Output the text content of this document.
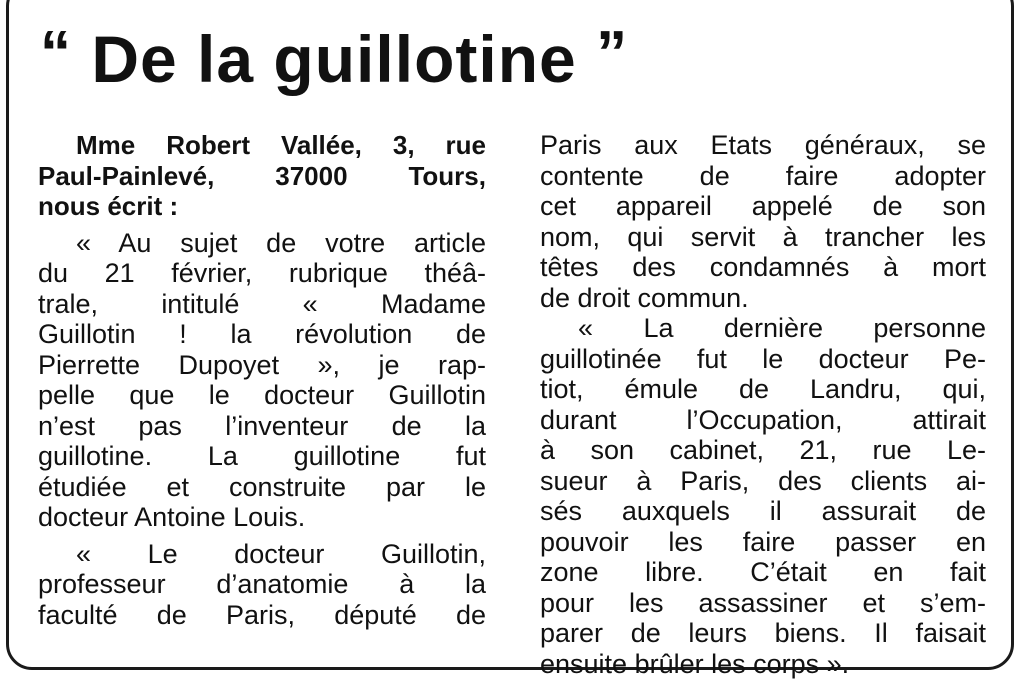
“ De la guillotine ”
Mme Robert Vallée, 3, rue
Paul-Painlevé, 37000 Tours,
nous écrit :
« Au sujet de votre article
du 21 février, rubrique théâ-
trale, intitulé « Madame
Guillotin ! la révolution de
Pierrette Dupoyet », je rap-
pelle que le docteur Guillotin
n’est pas l’inventeur de la
guillotine. La guillotine fut
étudiée et construite par le
docteur Antoine Louis.
« Le docteur Guillotin,
professeur d’anatomie à la
faculté de Paris, député de
Paris aux Etats généraux, se
contente de faire adopter
cet appareil appelé de son
nom, qui servit à trancher les
têtes des condamnés à mort
de droit commun.
« La dernière personne
guillotinée fut le docteur Pe-
tiot, émule de Landru, qui,
durant l’Occupation, attirait
à son cabinet, 21, rue Le-
sueur à Paris, des clients ai-
sés auxquels il assurait de
pouvoir les faire passer en
zone libre. C’était en fait
pour les assassiner et s’em-
parer de leurs biens. Il faisait
ensuite brûler les corps ».
